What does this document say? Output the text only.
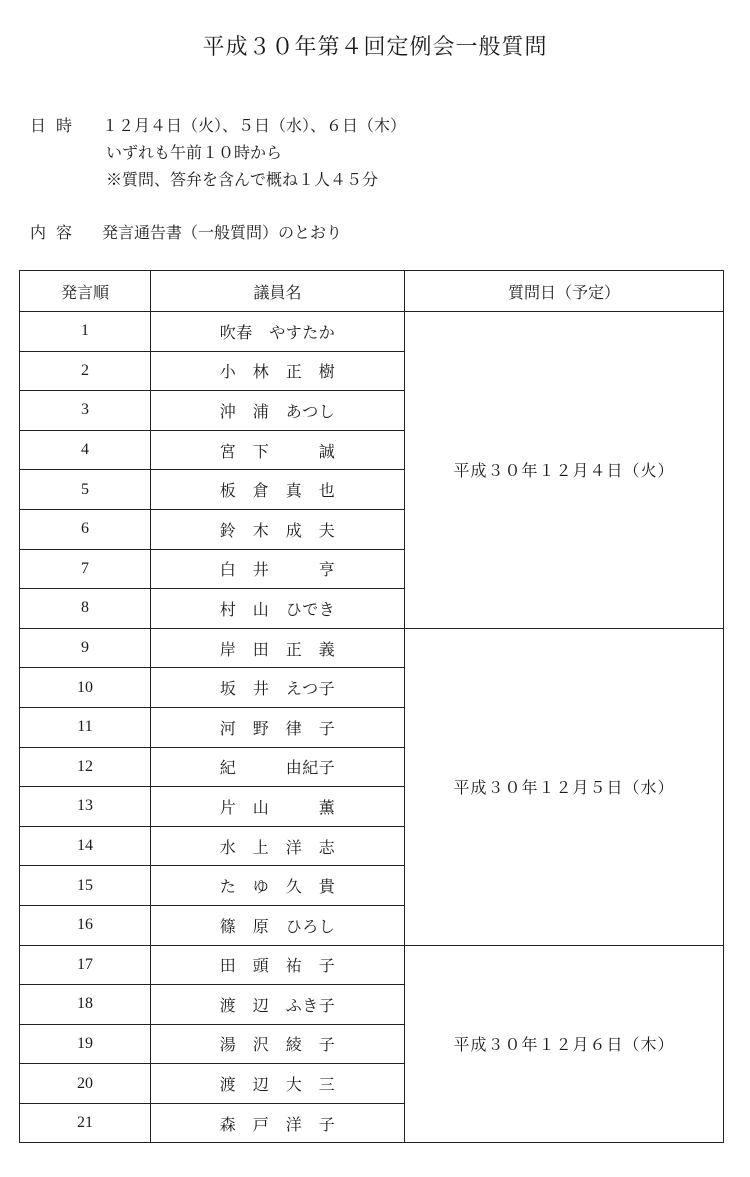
平成３０年第４回定例会一般質問
日時 １２月４日（火）、５日（水）、６日（木）
いずれも午前１０時から
※質問、答弁を含んで概ね１人４５分
内容 発言通告書（一般質問）のとおり
発言順	議員名	質問日（予定）
1	吹春　やすたか	平成３０年１２月４日（火）
2	小　林　正　樹	
3	沖　浦　あつし	
4	宮　下　　　誠	
5	板　倉　真　也	
6	鈴　木　成　夫	
7	白　井　　　亨	
8	村　山　ひでき	
9	岸　田　正　義	平成３０年１２月５日（水）
10	坂　井　えつ子	
11	河　野　律　子	
12	紀　　　由紀子	
13	片　山　　　薫	
14	水　上　洋　志	
15	た　ゆ　久　貴	
16	篠　原　ひろし	
17	田　頭　祐　子	平成３０年１２月６日（木）
18	渡　辺　ふき子	
19	湯　沢　綾　子	
20	渡　辺　大　三	
21	森　戸　洋　子	
